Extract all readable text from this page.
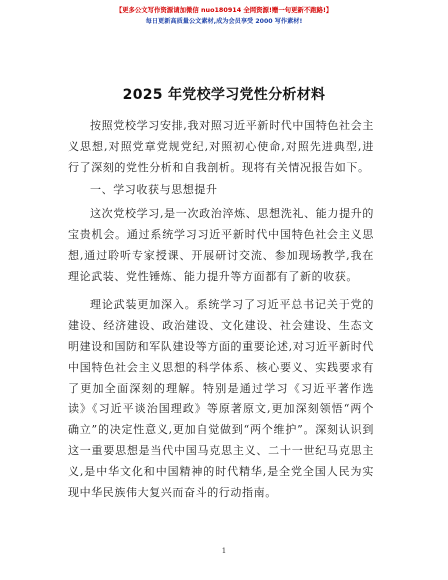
【更多公文写作资源请加微信 nuo180914 全网资源!赠一句更新不跑路!】
每日更新高质量公文素材,成为会员享受 2000 写作素材!
2025 年党校学习党性分析材料

按照党校学习安排,我对照习近平新时代中国特色社会主义思想,对照党章党规党纪,对照初心使命,对照先进典型,进行了深刻的党性分析和自我剖析。现将有关情况报告如下。

一、学习收获与思想提升

这次党校学习,是一次政治淬炼、思想洗礼、能力提升的宝贵机会。通过系统学习习近平新时代中国特色社会主义思想,通过聆听专家授课、开展研讨交流、参加现场教学,我在理论武装、党性锤炼、能力提升等方面都有了新的收获。

理论武装更加深入。系统学习了习近平总书记关于党的建设、经济建设、政治建设、文化建设、社会建设、生态文明建设和国防和军队建设等方面的重要论述,对习近平新时代中国特色社会主义思想的科学体系、核心要义、实践要求有了更加全面深刻的理解。特别是通过学习《习近平著作选读》《习近平谈治国理政》等原著原文,更加深刻领悟“两个确立”的决定性意义,更加自觉做到“两个维护”。深刻认识到这一重要思想是当代中国马克思主义、二十一世纪马克思主义,是中华文化和中国精神的时代精华,是全党全国人民为实现中华民族伟大复兴而奋斗的行动指南。

1
